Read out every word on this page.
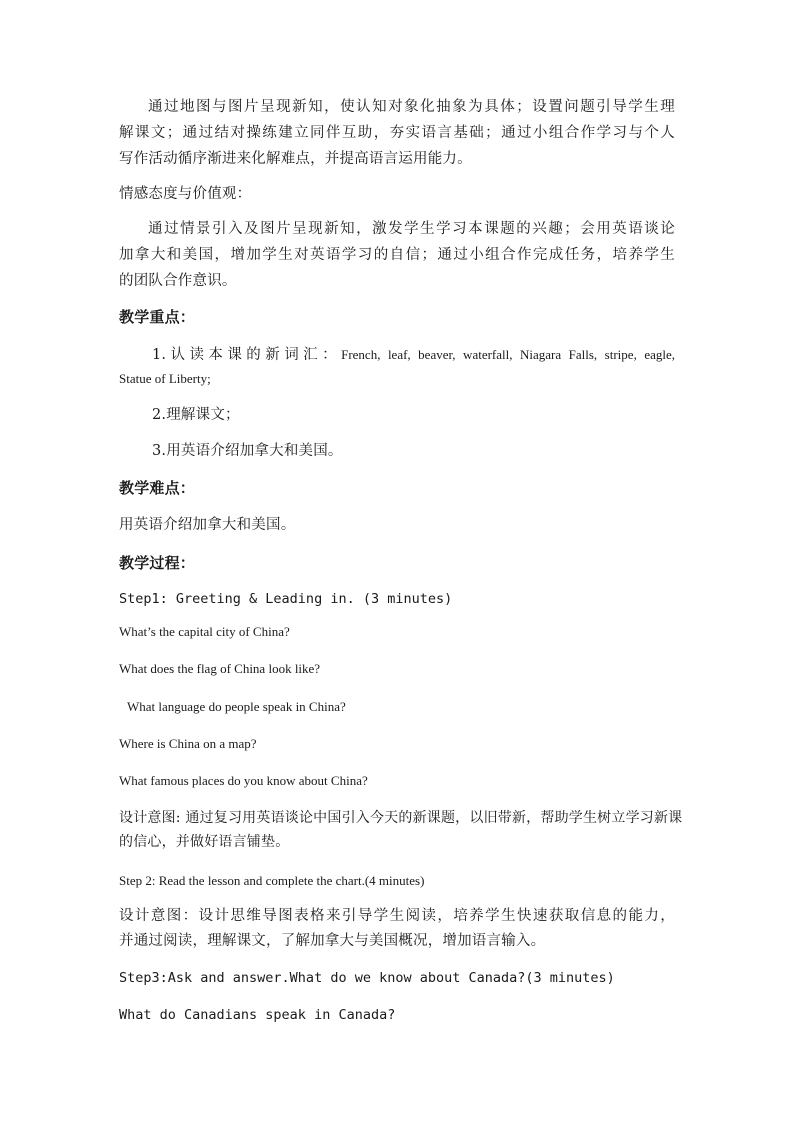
通过地图与图片呈现新知，使认知对象化抽象为具体；设置问题引导学生理
解课文；通过结对操练建立同伴互助，夯实语言基础；通过小组合作学习与个人
写作活动循序渐进来化解难点，并提高语言运用能力。
情感态度与价值观：
通过情景引入及图片呈现新知，激发学生学习本课题的兴趣；会用英语谈论
加拿大和美国，增加学生对英语学习的自信；通过小组合作完成任务，培养学生
的团队合作意识。
教学重点：
1.认读本课的新词汇：French, leaf, beaver, waterfall, Niagara Falls, stripe, eagle,
Statue of Liberty;
2.理解课文；
3.用英语介绍加拿大和美国。
教学难点：
用英语介绍加拿大和美国。
教学过程：
Step1: Greeting & Leading in. (3 minutes)
What’s the capital city of China?
What does the flag of China look like?
What language do people speak in China?
Where is China on a map?
What famous places do you know about China?
设计意图: 通过复习用英语谈论中国引入今天的新课题，以旧带新，帮助学生树立学习新课
的信心，并做好语言铺垫。
Step 2: Read the lesson and complete the chart.(4 minutes)
设计意图：设计思维导图表格来引导学生阅读，培养学生快速获取信息的能力，
并通过阅读，理解课文，了解加拿大与美国概况，增加语言输入。
Step3:Ask and answer.What do we know about Canada?(3 minutes)
What do Canadians speak in Canada?
